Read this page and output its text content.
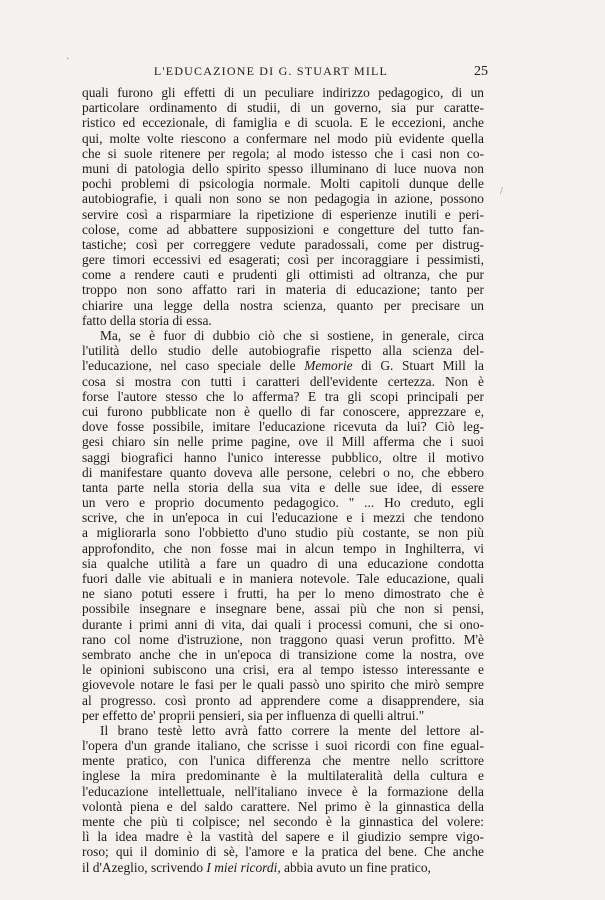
L'EDUCAZIONE DI G. STUART MILL	25
·
/
quali furono gli effetti di un peculiare indirizzo pedagogico, di un
particolare ordinamento di studii, di un governo, sia pur caratte-
ristico ed eccezionale, di famiglia e di scuola. E le eccezioni, anche
qui, molte volte riescono a confermare nel modo più evidente quella
che si suole ritenere per regola; al modo istesso che i casi non co-
muni di patologia dello spirito spesso illuminano di luce nuova non
pochi problemi di psicologia normale. Molti capitoli dunque delle
autobiografie, i quali non sono se non pedagogia in azione, possono
servire così a risparmiare la ripetizione di esperienze inutili e peri-
colose, come ad abbattere supposizioni e congetture del tutto fan-
tastiche; così per correggere vedute paradossali, come per distrug-
gere timori eccessivi ed esagerati; così per incoraggiare i pessimisti,
come a rendere cauti e prudenti gli ottimisti ad oltranza, che pur
troppo non sono affatto rari in materia di educazione; tanto per
chiarire una legge della nostra scienza, quanto per precisare un
fatto della storia di essa.
Ma, se è fuor di dubbio ciò che si sostiene, in generale, circa
l'utilità dello studio delle autobiografie rispetto alla scienza del-
l'educazione, nel caso speciale delle Memorie di G. Stuart Mill la
cosa si mostra con tutti i caratteri dell'evidente certezza. Non è
forse l'autore stesso che lo afferma? E tra gli scopi principali per
cui furono pubblicate non è quello di far conoscere, apprezzare e,
dove fosse possibile, imitare l'educazione ricevuta da lui? Ciò leg-
gesi chiaro sin nelle prime pagine, ove il Mill afferma che i suoi
saggi biografici hanno l'unico interesse pubblico, oltre il motivo
di manifestare quanto doveva alle persone, celebri o no, che ebbero
tanta parte nella storia della sua vita e delle sue idee, di essere
un vero e proprio documento pedagogico. " ... Ho creduto, egli
scrive, che in un'epoca in cui l'educazione e i mezzi che tendono
a migliorarla sono l'obbietto d'uno studio più costante, se non più
approfondito, che non fosse mai in alcun tempo in Inghilterra, vi
sia qualche utilità a fare un quadro di una educazione condotta
fuori dalle vie abituali e in maniera notevole. Tale educazione, quali
ne siano potuti essere i frutti, ha per lo meno dimostrato che è
possibile insegnare e insegnare bene, assai più che non si pensi,
durante i primi anni di vita, dai quali i processi comuni, che si ono-
rano col nome d'istruzione, non traggono quasi verun profitto. M'è
sembrato anche che in un'epoca di transizione come la nostra, ove
le opinioni subiscono una crisi, era al tempo istesso interessante e
giovevole notare le fasi per le quali passò uno spirito che mirò sempre
al progresso. così pronto ad apprendere come a disapprendere, sia
per effetto de' proprii pensieri, sia per influenza di quelli altrui."
Il brano testè letto avrà fatto correre la mente del lettore al-
l'opera d'un grande italiano, che scrisse i suoi ricordi con fine egual-
mente pratico, con l'unica differenza che mentre nello scrittore
inglese la mira predominante è la multilateralità della cultura e
l'educazione intellettuale, nell'italiano invece è la formazione della
volontà piena e del saldo carattere. Nel primo è la ginnastica della
mente che più ti colpisce; nel secondo è la ginnastica del volere:
lì la idea madre è la vastità del sapere e il giudizio sempre vigo-
roso; qui il dominio di sè, l'amore e la pratica del bene. Che anche
il d'Azeglio, scrivendo I miei ricordi, abbia avuto un fine pratico,
